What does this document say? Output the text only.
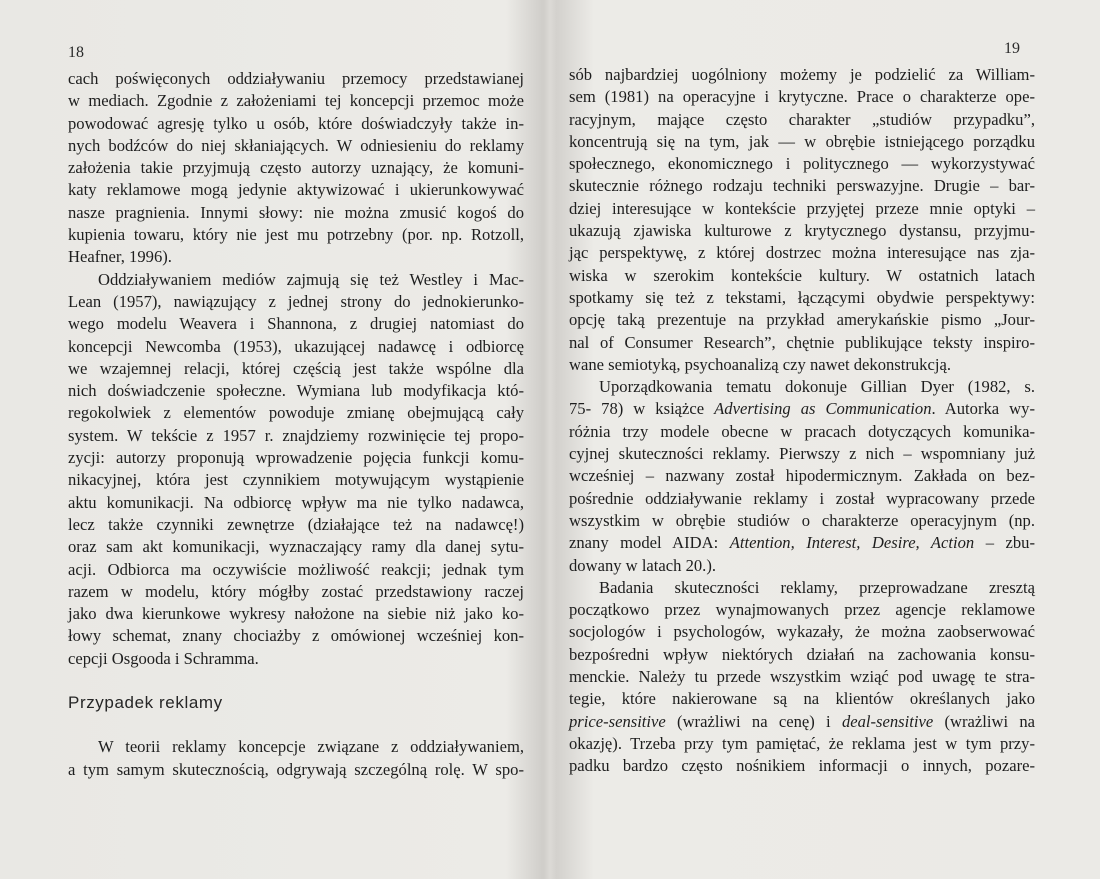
18
cach poświęconych oddziaływaniu przemocy przedstawianej
w mediach. Zgodnie z założeniami tej koncepcji przemoc może
powodować agresję tylko u osób, które doświadczyły także in-
nych bodźców do niej skłaniających. W odniesieniu do reklamy
założenia takie przyjmują często autorzy uznający, że komuni-
katy reklamowe mogą jedynie aktywizować i ukierunkowywać
nasze pragnienia. Innymi słowy: nie można zmusić kogoś do
kupienia towaru, który nie jest mu potrzebny (por. np. Rotzoll,
Heafner, 1996).
Oddziaływaniem mediów zajmują się też Westley i Mac-
Lean (1957), nawiązujący z jednej strony do jednokierunko-
wego modelu Weavera i Shannona, z drugiej natomiast do
koncepcji Newcomba (1953), ukazującej nadawcę i odbiorcę
we wzajemnej relacji, której częścią jest także wspólne dla
nich doświadczenie społeczne. Wymiana lub modyfikacja któ-
regokolwiek z elementów powoduje zmianę obejmującą cały
system. W tekście z 1957 r. znajdziemy rozwinięcie tej propo-
zycji: autorzy proponują wprowadzenie pojęcia funkcji komu-
nikacyjnej, która jest czynnikiem motywującym wystąpienie
aktu komunikacji. Na odbiorcę wpływ ma nie tylko nadawca,
lecz także czynniki zewnętrze (działające też na nadawcę!)
oraz sam akt komunikacji, wyznaczający ramy dla danej sytu-
acji. Odbiorca ma oczywiście możliwość reakcji; jednak tym
razem w modelu, który mógłby zostać przedstawiony raczej
jako dwa kierunkowe wykresy nałożone na siebie niż jako ko-
łowy schemat, znany chociażby z omówionej wcześniej kon-
cepcji Osgooda i Schramma.
Przypadek reklamy
W teorii reklamy koncepcje związane z oddziaływaniem,
a tym samym skutecznością, odgrywają szczególną rolę. W spo-
19
sób najbardziej uogólniony możemy je podzielić za William-
sem (1981) na operacyjne i krytyczne. Prace o charakterze ope-
racyjnym, mające często charakter „studiów przypadku”,
koncentrują się na tym, jak — w obrębie istniejącego porządku
społecznego, ekonomicznego i politycznego — wykorzystywać
skutecznie różnego rodzaju techniki perswazyjne. Drugie – bar-
dziej interesujące w kontekście przyjętej przeze mnie optyki –
ukazują zjawiska kulturowe z krytycznego dystansu, przyjmu-
jąc perspektywę, z której dostrzec można interesujące nas zja-
wiska w szerokim kontekście kultury. W ostatnich latach
spotkamy się też z tekstami, łączącymi obydwie perspektywy:
opcję taką prezentuje na przykład amerykańskie pismo „Jour-
nal of Consumer Research”, chętnie publikujące teksty inspiro-
wane semiotyką, psychoanalizą czy nawet dekonstrukcją.
Uporządkowania tematu dokonuje Gillian Dyer (1982, s.
75- 78) w książce Advertising as Communication. Autorka wy-
różnia trzy modele obecne w pracach dotyczących komunika-
cyjnej skuteczności reklamy. Pierwszy z nich – wspomniany już
wcześniej – nazwany został hipodermicznym. Zakłada on bez-
pośrednie oddziaływanie reklamy i został wypracowany przede
wszystkim w obrębie studiów o charakterze operacyjnym (np.
znany model AIDA: Attention, Interest, Desire, Action – zbu-
dowany w latach 20.).
Badania skuteczności reklamy, przeprowadzane zresztą
początkowo przez wynajmowanych przez agencje reklamowe
socjologów i psychologów, wykazały, że można zaobserwować
bezpośredni wpływ niektórych działań na zachowania konsu-
menckie. Należy tu przede wszystkim wziąć pod uwagę te stra-
tegie, które nakierowane są na klientów określanych jako
price-sensitive (wrażliwi na cenę) i deal-sensitive (wrażliwi na
okazję). Trzeba przy tym pamiętać, że reklama jest w tym przy-
padku bardzo często nośnikiem informacji o innych, pozare-
